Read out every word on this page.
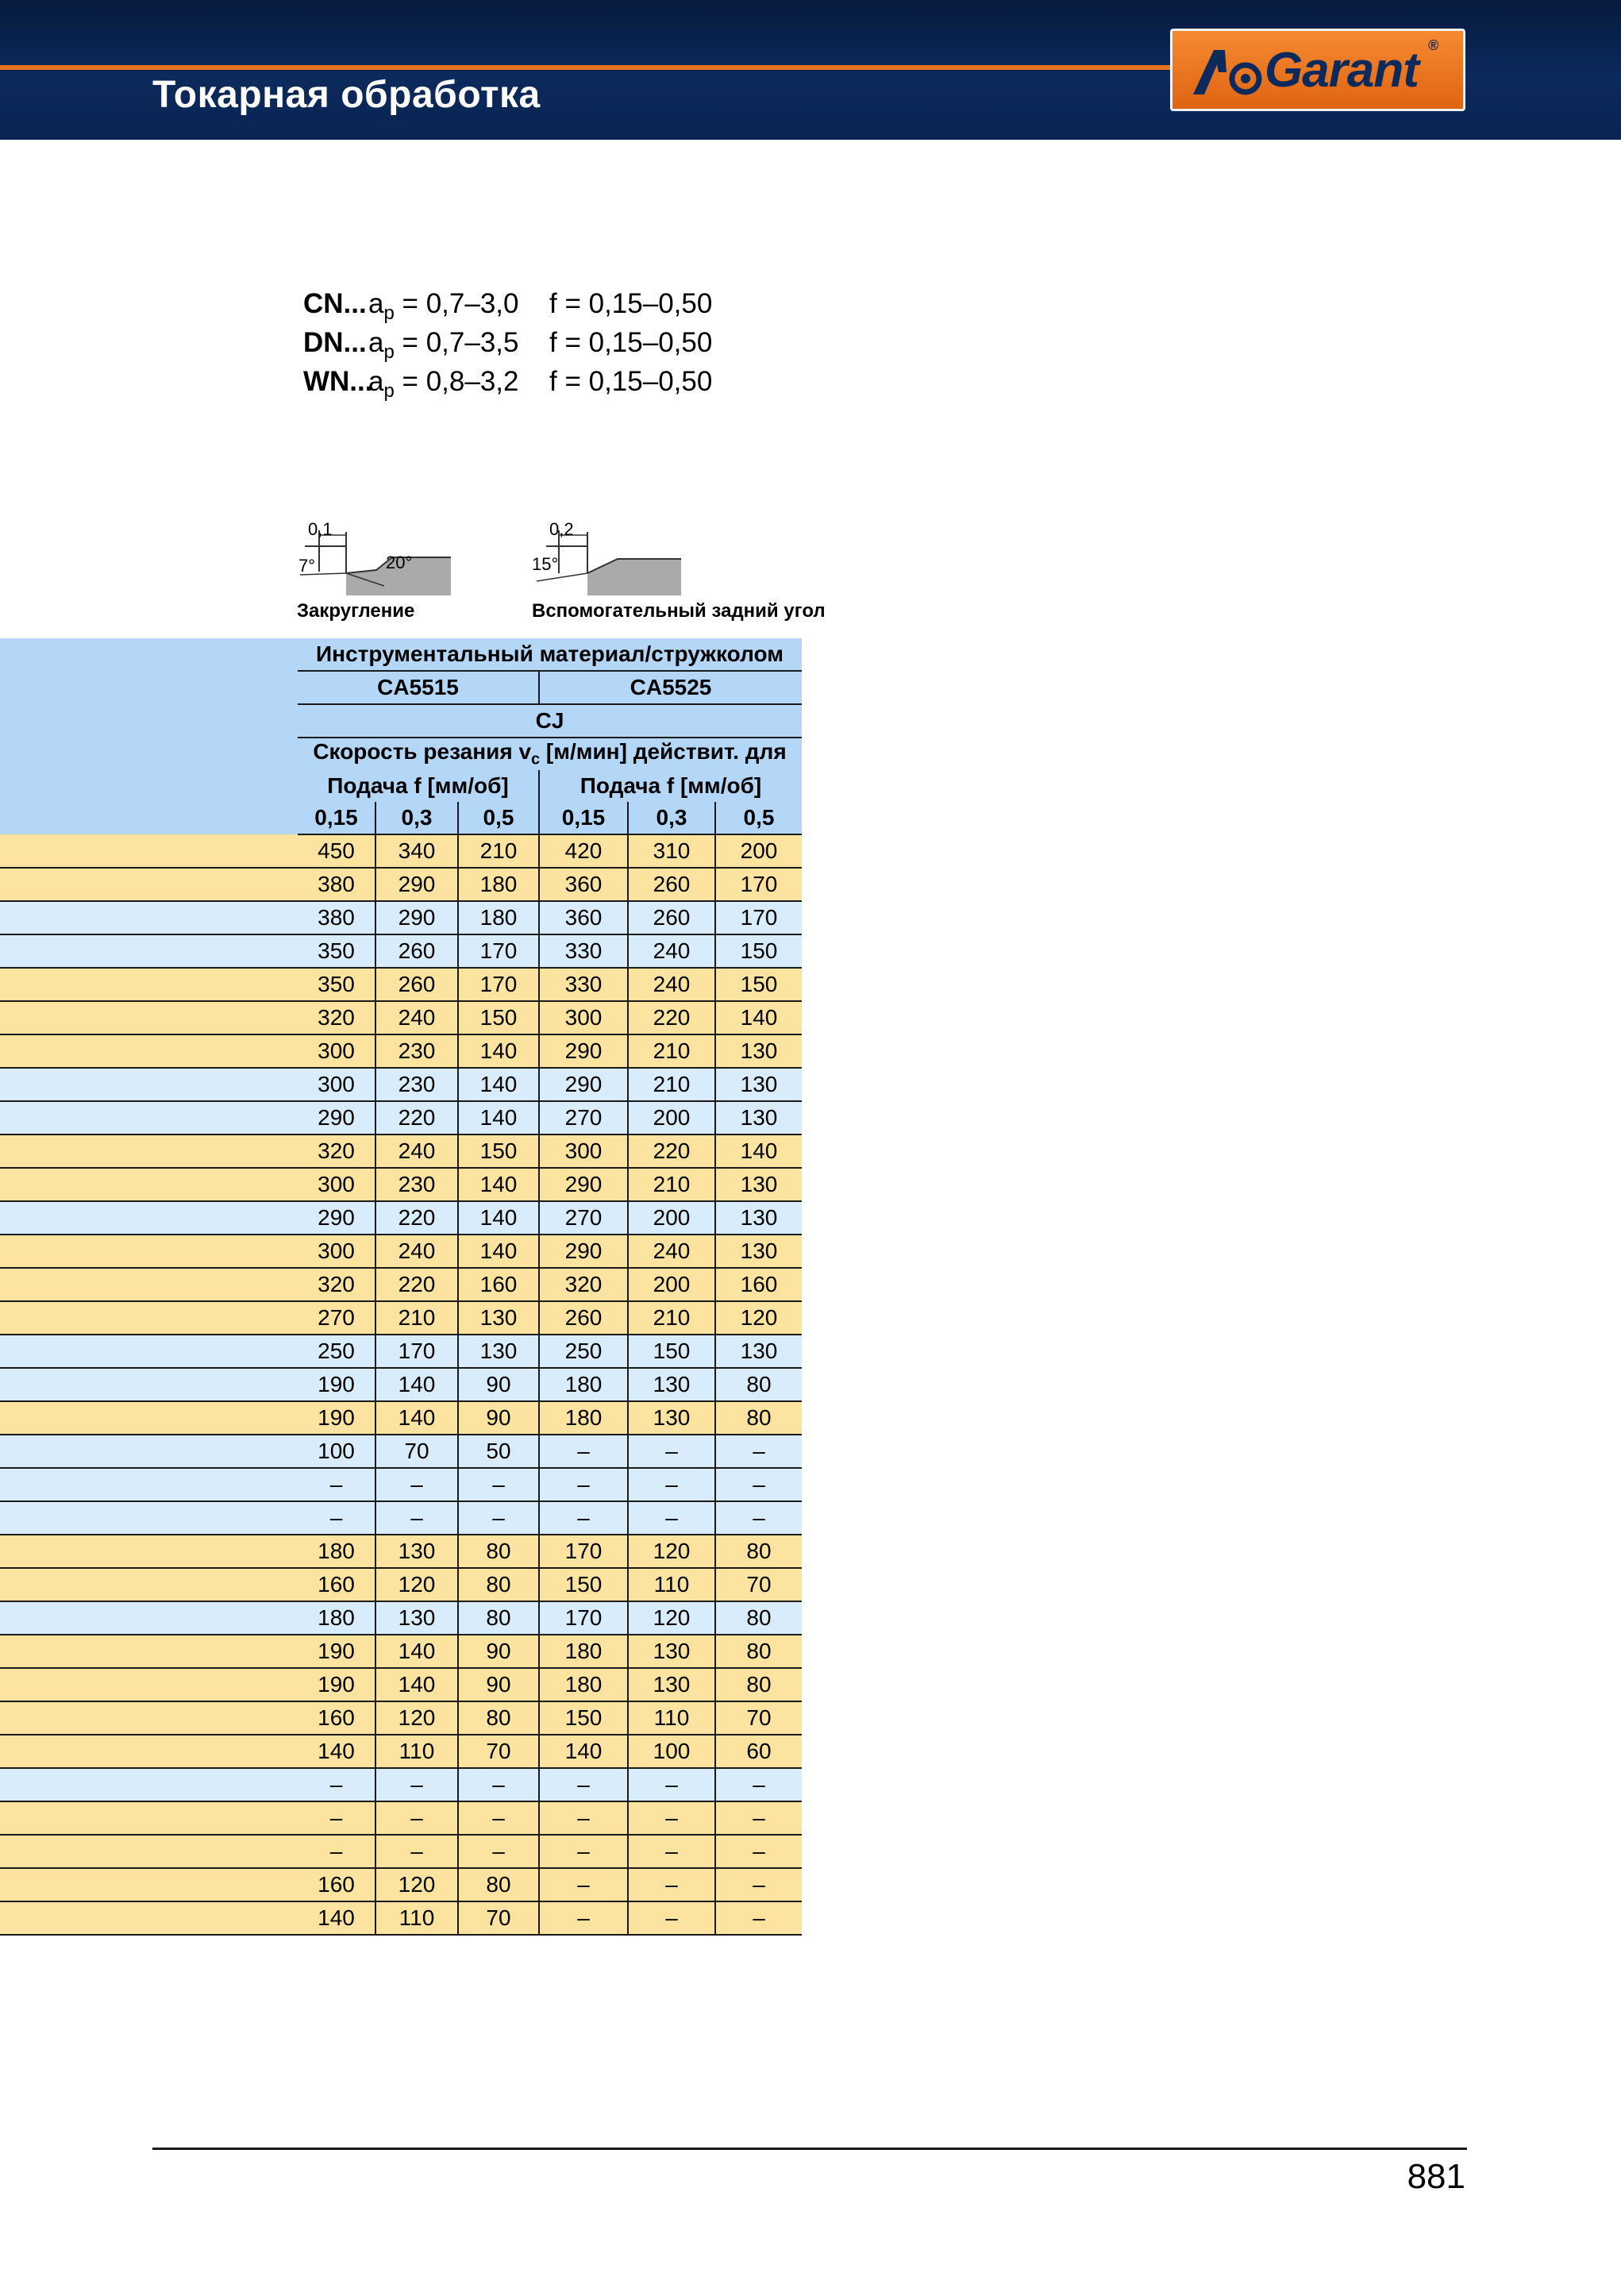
Токарная обработка	Garant ®
CN... $a_p = 0,7-3,0$ f = 0,15–0,50
DN... $a_p = 0,7-3,5$ f = 0,15–0,50
WN...
$a_p = 0,8-3,2$ f = 0,15–0,50
0,1
7°	20°
Закругление
0,2
15°
Вспомогательный задний угол
	Инструментальный материал/стружколом					
	CA5515			CA5525		
	CJ					
	Скорость резания $v_c$ [м/мин] действит. для					
	Подача f [мм/об]			Подача f [мм/об]		
	0,15	0,3	0,5	0,15	0,3	0,5
	450	340	210	420	310	200
	380	290	180	360	260	170
	380	290	180	360	260	170
	350	260	170	330	240	150
	350	260	170	330	240	150
	320	240	150	300	220	140
	300	230	140	290	210	130
	300	230	140	290	210	130
	290	220	140	270	200	130
	320	240	150	300	220	140
	300	230	140	290	210	130
	290	220	140	270	200	130
	300	240	140	290	240	130
	320	220	160	320	200	160
	270	210	130	260	210	120
	250	170	130	250	150	130
	190	140	90	180	130	80
	190	140	90	180	130	80
	100	70	50	–	–	–
	–	–	–	–	–	–
	–	–	–	–	–	–
	180	130	80	170	120	80
	160	120	80	150	110	70
	180	130	80	170	120	80
	190	140	90	180	130	80
	190	140	90	180	130	80
	160	120	80	150	110	70
	140	110	70	140	100	60
	–	–	–	–	–	–
	–	–	–	–	–	–
	–	–	–	–	–	–
	160	120	80	–	–	–
	140	110	70	–	–	–
881
